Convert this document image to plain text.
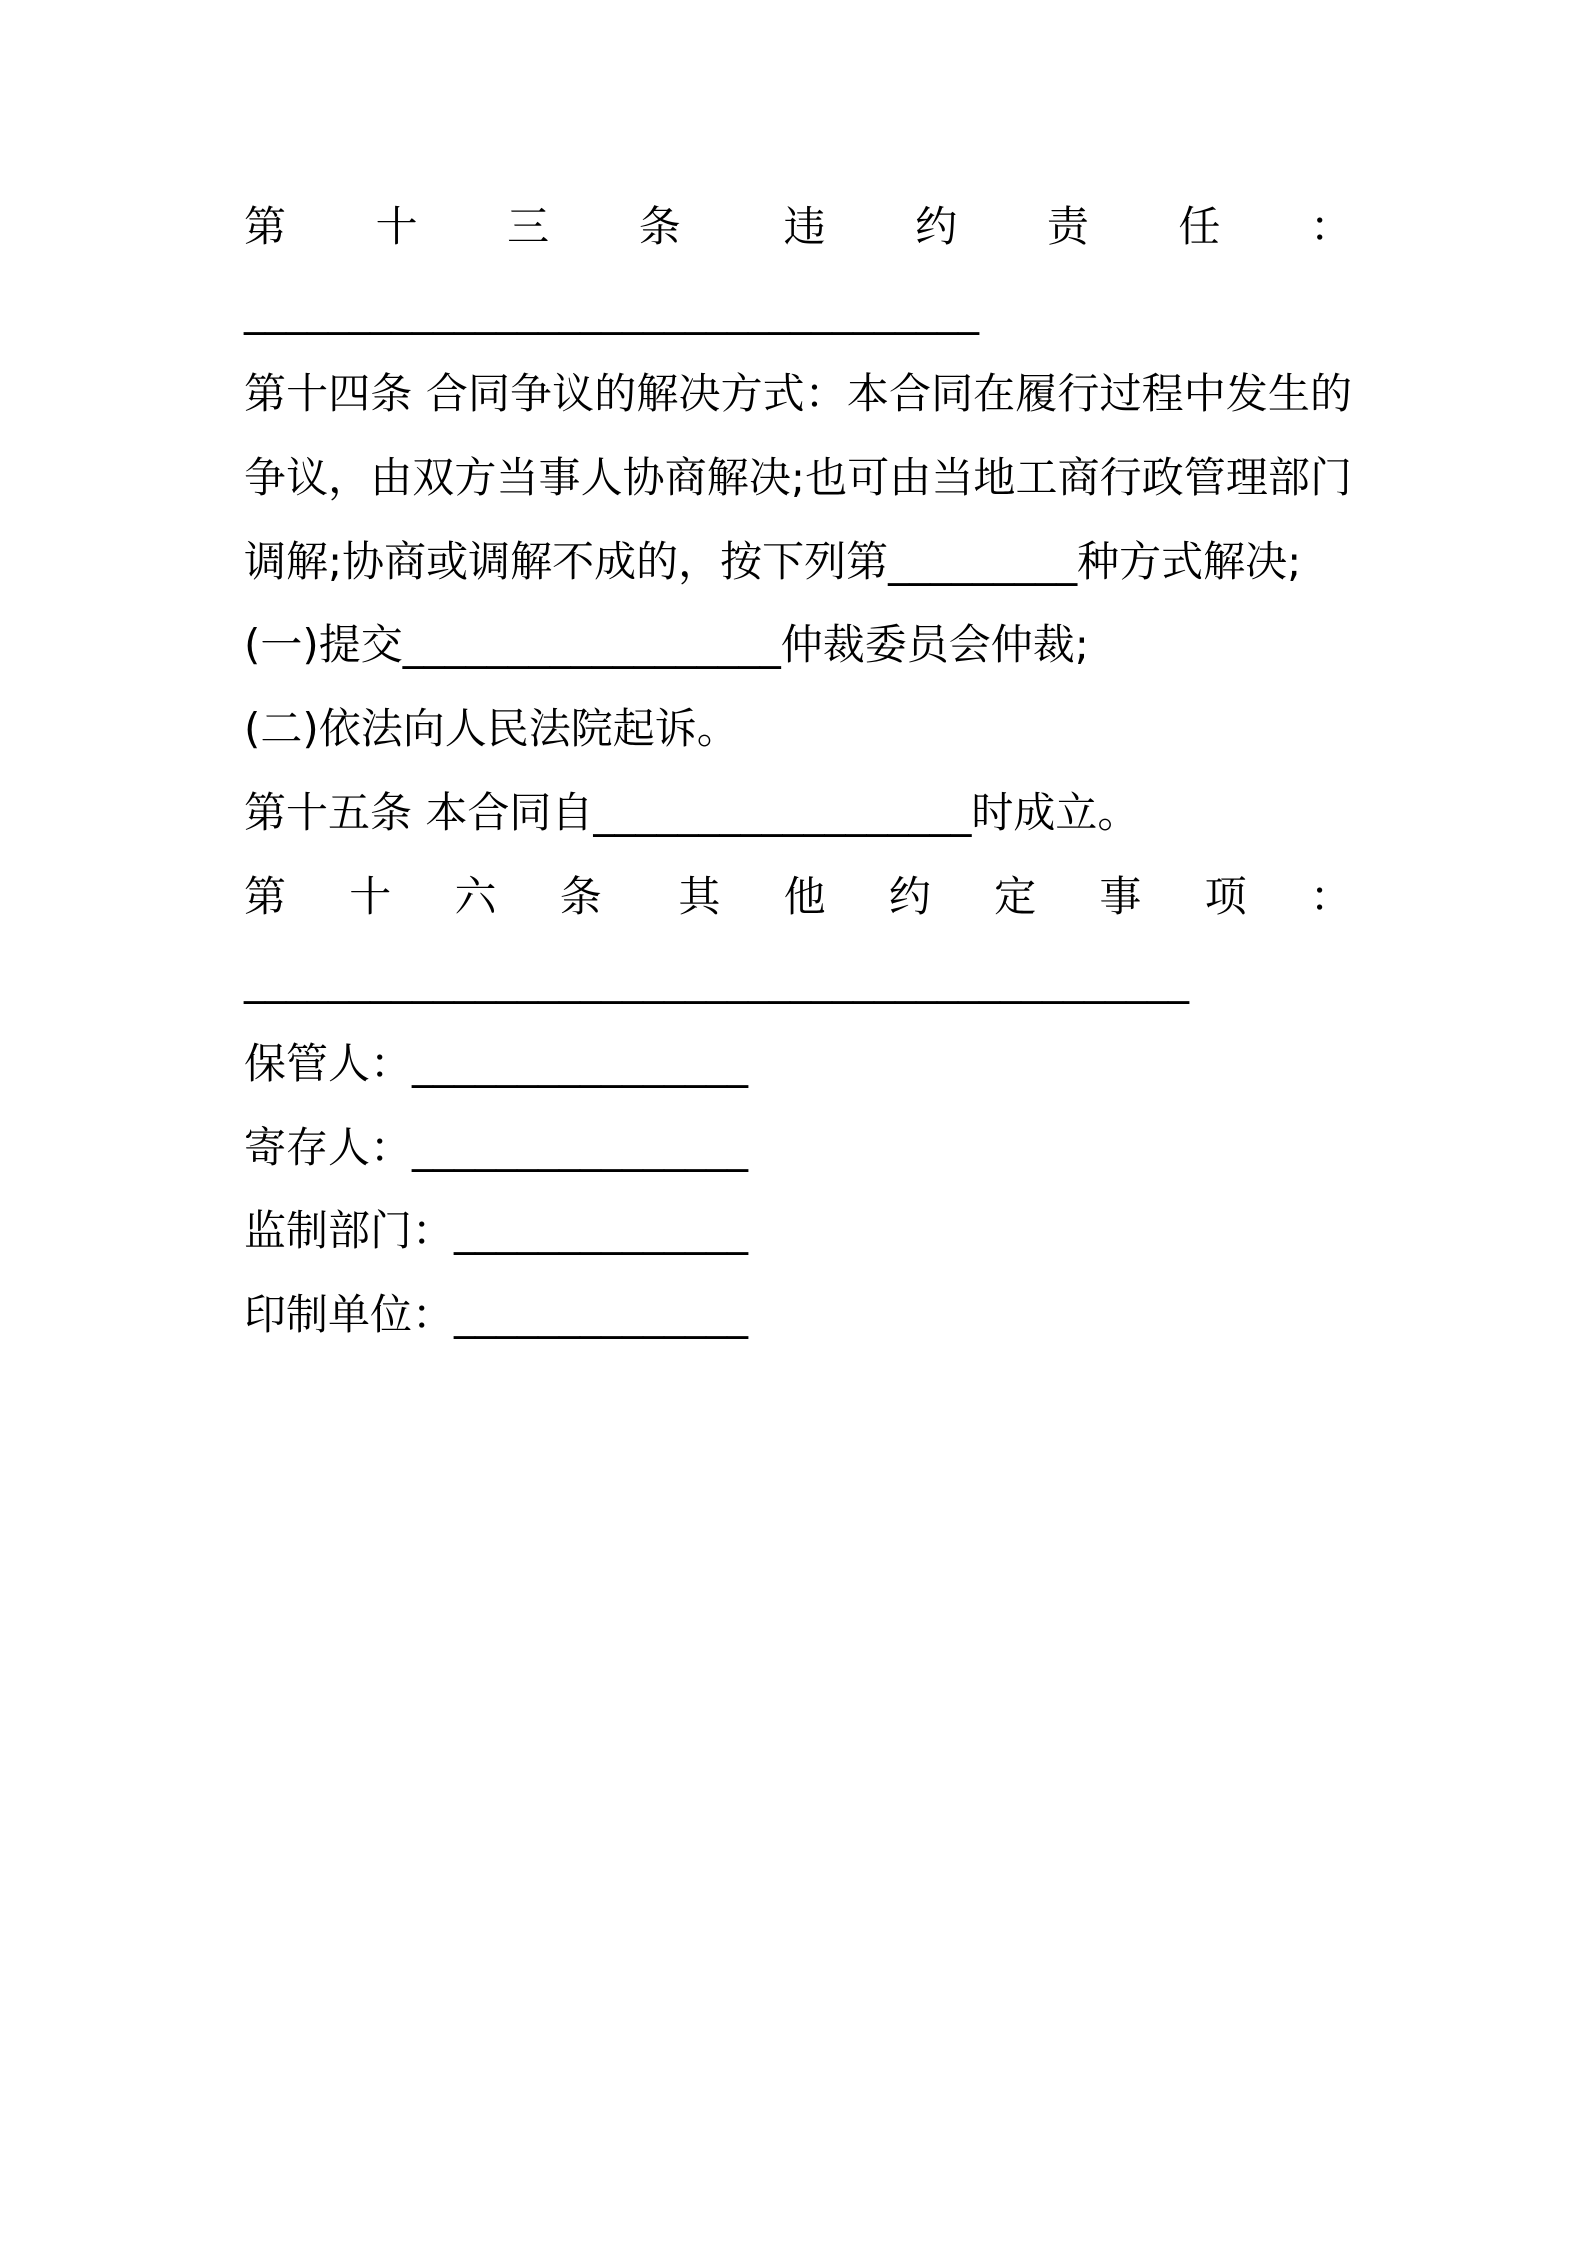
第 十 三 条 违 约 责 任 ：
___________________________________
第十四条 合同争议的解决方式：本合同在履行过程中发生的
争议，由双方当事人协商解决;也可由当地工商行政管理部门
调解;协商或调解不成的，按下列第_________种方式解决;
(一)提交__________________仲裁委员会仲裁;
(二)依法向人民法院起诉。
第十五条 本合同自__________________时成立。
第 十 六 条 其 他 约 定 事 项 ：
_____________________________________________
保管人：________________
寄存人：________________
监制部门：______________
印制单位：______________
